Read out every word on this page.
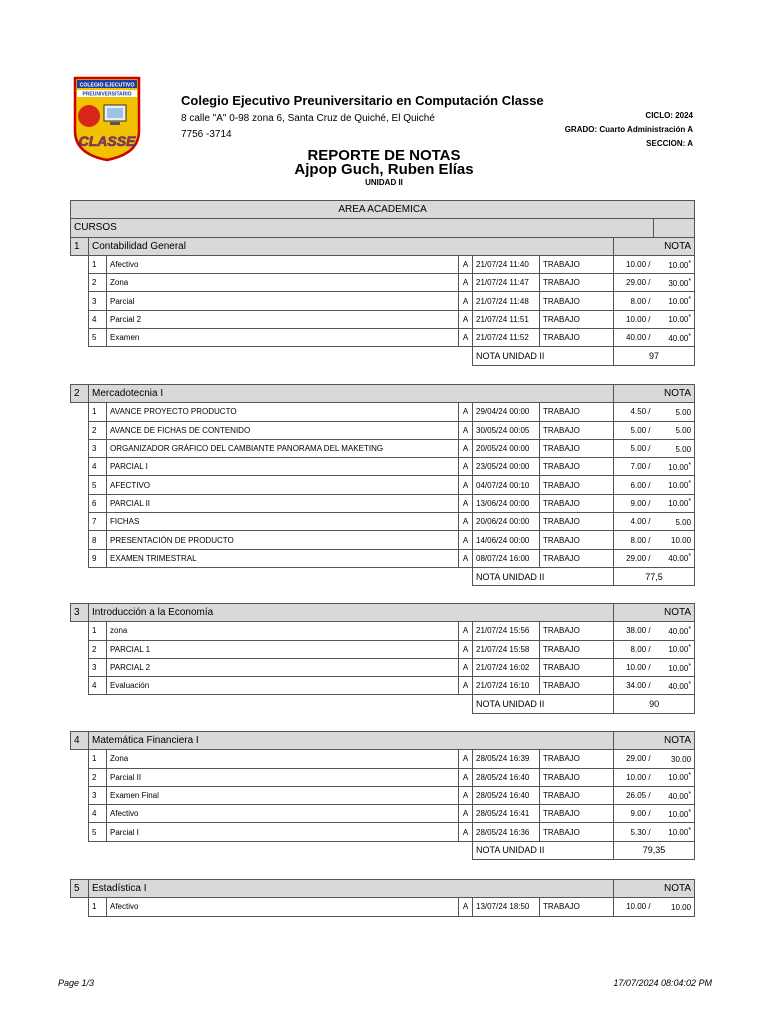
COLEGIO EJECUTIVO
PREUNIVERSITARIO
CLASSE
Colegio Ejecutivo Preuniversitario en Computación Classe
8 calle "A" 0-98 zona 6, Santa Cruz de Quiché, El Quiché
7756 -3714
CICLO: 2024
GRADO: Cuarto Administración A
SECCION: A
REPORTE DE NOTAS
Ajpop Guch, Ruben Elías
UNIDAD II
AREA ACADEMICA							
CURSOS							
1	Contabilidad General					NOTA	
	1	Afectivo	A	21/07/24 11:40	TRABAJO	10.00 /	10.00*
	2	Zona	A	21/07/24 11:47	TRABAJO	29.00 /	30.00*
	3	Parcial	A	21/07/24 11:48	TRABAJO	8.00 /	10.00*
	4	Parcial 2	A	21/07/24 11:51	TRABAJO	10.00 /	10.00*
	5	Examen	A	21/07/24 11:52	TRABAJO	40.00 /	40.00*
				NOTA UNIDAD II		97	
2	Mercadotecnia I					NOTA	
	1	AVANCE PROYECTO PRODUCTO	A	29/04/24 00:00	TRABAJO	4.50 /	5.00
	2	AVANCE DE FICHAS DE CONTENIDO	A	30/05/24 00:05	TRABAJO	5.00 /	5.00
	3	ORGANIZADOR GRÁFICO DEL CAMBIANTE PANORAMA DEL MAKETING	A	20/05/24 00:00	TRABAJO	5.00 /	5.00
	4	PARCIAL I	A	23/05/24 00:00	TRABAJO	7.00 /	10.00*
	5	AFECTIVO	A	04/07/24 00:10	TRABAJO	6.00 /	10.00*
	6	PARCIAL II	A	13/06/24 00:00	TRABAJO	9.00 /	10.00*
	7	FICHAS	A	20/06/24 00:00	TRABAJO	4.00 /	5.00
	8	PRESENTACIÓN DE PRODUCTO	A	14/06/24 00:00	TRABAJO	8.00 /	10.00
	9	EXAMEN TRIMESTRAL	A	08/07/24 16:00	TRABAJO	29.00 /	40.00*
				NOTA UNIDAD II		77,5	
3	Introducción a la Economía					NOTA	
	1	zona	A	21/07/24 15:56	TRABAJO	38.00 /	40.00*
	2	PARCIAL 1	A	21/07/24 15:58	TRABAJO	8.00 /	10.00*
	3	PARCIAL 2	A	21/07/24 16:02	TRABAJO	10.00 /	10.00*
	4	Evaluación	A	21/07/24 16:10	TRABAJO	34.00 /	40.00*
				NOTA UNIDAD II		90	
4	Matemática Financiera I					NOTA	
	1	Zona	A	28/05/24 16:39	TRABAJO	29.00 /	30.00
	2	Parcial II	A	28/05/24 16:40	TRABAJO	10.00 /	10.00*
	3	Examen Final	A	28/05/24 16:40	TRABAJO	26.05 /	40.00*
	4	Afectivo	A	28/05/24 16:41	TRABAJO	9.00 /	10.00*
	5	Parcial I	A	28/05/24 16:36	TRABAJO	5.30 /	10.00*
				NOTA UNIDAD II		79,35	
5	Estadística I					NOTA	
	1	Afectivo	A	13/07/24 18:50	TRABAJO	10.00 /	10.00
Page 1/3	17/07/2024 08:04:02 PM
